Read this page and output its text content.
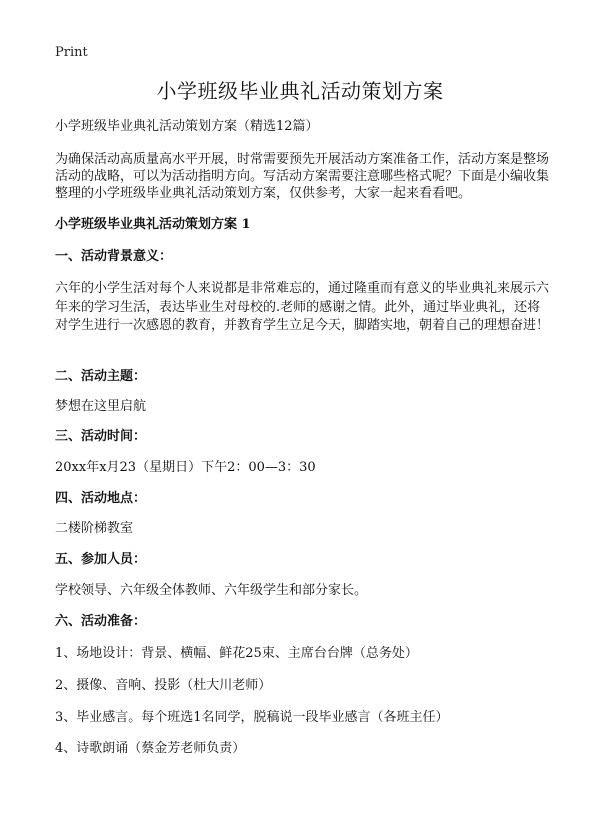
Print
小学班级毕业典礼活动策划方案
小学班级毕业典礼活动策划方案（精选12篇）

为确保活动高质量高水平开展，时常需要预先开展活动方案准备工作，活动方案是整场活动的战略，可以为活动指明方向。写活动方案需要注意哪些格式呢？下面是小编收集整理的小学班级毕业典礼活动策划方案，仅供参考，大家一起来看看吧。

小学班级毕业典礼活动策划方案 1
一、活动背景意义：

六年的小学生活对每个人来说都是非常难忘的，通过隆重而有意义的毕业典礼来展示六年来的学习生活，表达毕业生对母校的.老师的感谢之情。此外，通过毕业典礼，还将对学生进行一次感恩的教育，并教育学生立足今天，脚踏实地，朝着自己的理想奋进！

二、活动主题：

梦想在这里启航

三、活动时间：

20xx年x月23（星期日）下午2：00—3：30

四、活动地点：

二楼阶梯教室

五、参加人员：

学校领导、六年级全体教师、六年级学生和部分家长。

六、活动准备：

1、场地设计：背景、横幅、鲜花25束、主席台台牌（总务处）

2、摄像、音响、投影（杜大川老师）

3、毕业感言。每个班选1名同学，脱稿说一段毕业感言（各班主任）

4、诗歌朗诵（蔡金芳老师负责）
